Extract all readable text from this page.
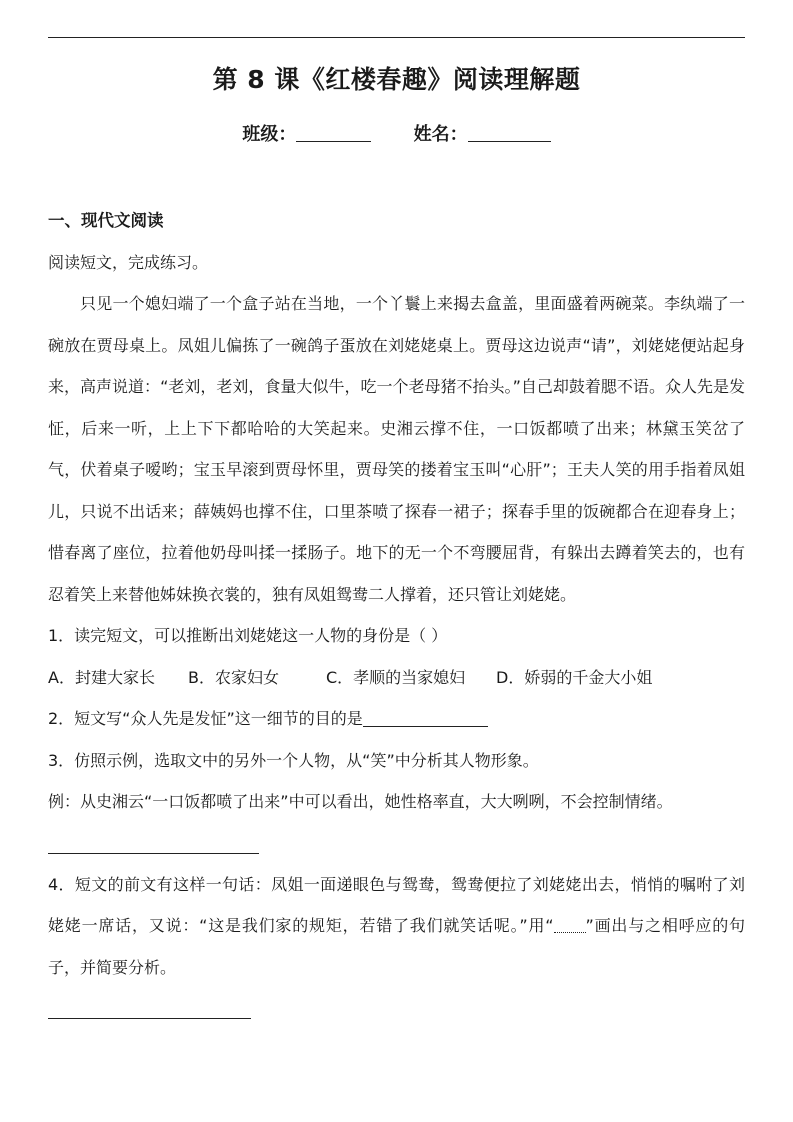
第 8 课《红楼春趣》阅读理解题
班级：	姓名：
一、现代文阅读
阅读短文，完成练习。
只见一个媳妇端了一个盒子站在当地，一个丫鬟上来揭去盒盖，里面盛着两碗菜。李纨端了一碗放在贾母桌上。凤姐儿偏拣了一碗鸽子蛋放在刘姥姥桌上。贾母这边说声“请”，刘姥姥便站起身来，高声说道：“老刘，老刘，食量大似牛，吃一个老母猪不抬头。”自己却鼓着腮不语。众人先是发怔，后来一听，上上下下都哈哈的大笑起来。史湘云撑不住，一口饭都喷了出来；林黛玉笑岔了气，伏着桌子嗳哟；宝玉早滚到贾母怀里，贾母笑的搂着宝玉叫“心肝”；王夫人笑的用手指着凤姐儿，只说不出话来；薛姨妈也撑不住，口里茶喷了探春一裙子；探春手里的饭碗都合在迎春身上；惜春离了座位，拉着他奶母叫揉一揉肠子。地下的无一个不弯腰屈背，有躲出去蹲着笑去的，也有忍着笑上来替他姊妹换衣裳的，独有凤姐鸳鸯二人撑着，还只管让刘姥姥。
1．读完短文，可以推断出刘姥姥这一人物的身份是（ ）
A．封建大家长 B．农家妇女	C．孝顺的当家媳妇 D．娇弱的千金大小姐
2．短文写“众人先是发怔”这一细节的目的是
3．仿照示例，选取文中的另外一个人物，从“笑”中分析其人物形象。
例：从史湘云“一口饭都喷了出来”中可以看出，她性格率直，大大咧咧，不会控制情绪。
4．短文的前文有这样一句话：凤姐一面递眼色与鸳鸯，鸳鸯便拉了刘姥姥出去，悄悄的嘱咐了刘姥姥一席话，又说：“这是我们家的规矩，若错了我们就笑话呢。”用“ ”画出与之相呼应的句子，并简要分析。
